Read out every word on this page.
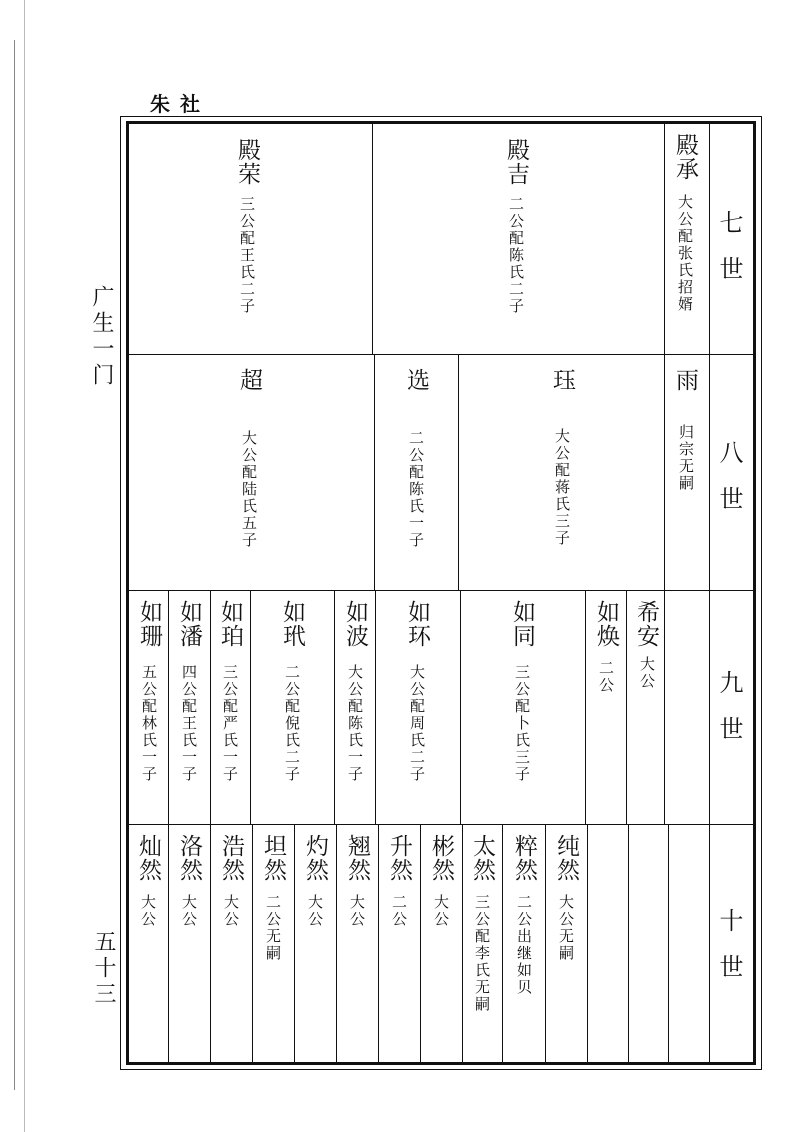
朱社
广生一门
五十三
七世
八世
九世
十世
殿承
大公配张氏招婿
殿吉
二公配陈氏二子
殿荣
三公配王氏二子
雨
归宗无嗣
珏
大公配蒋氏三子
选
二公配陈氏一子
超
大公配陆氏五子
希安
大公
如焕
二公
如同
三公配卜氏三子
如环
大公配周氏二子
如波
大公配陈氏一子
如玳
二公配倪氏二子
如珀
三公配严氏一子
如潘
四公配王氏一子
如珊
五公配林氏一子
纯然
大公无嗣
粹然
二公出继如贝
太然
三公配李氏无嗣
彬然
大公
升然
二公
翘然
大公
灼然
大公
坦然
二公无嗣
浩然
大公
洛然
大公
灿然
大公
